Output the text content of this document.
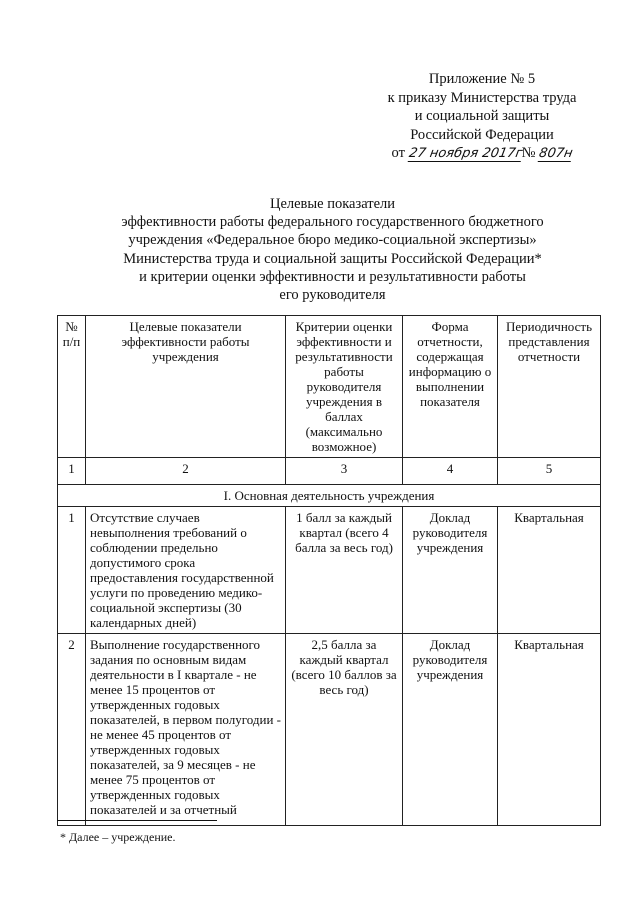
Приложение № 5
к приказу Министерства труда
и социальной защиты
Российской Федерации
от 27 ноября 2017г№ 807н
Целевые показатели
эффективности работы федерального государственного бюджетного
учреждения «Федеральное бюро медико-социальной экспертизы»
Министерства труда и социальной защиты Российской Федерации*
и критерии оценки эффективности и результативности работы
его руководителя
№ п/п	Целевые показатели эффективности работы учреждения	Критерии оценки эффективности и результативности работы руководителя учреждения в баллах (максимально возможное)	Форма отчетности, содержащая информацию о выполнении показателя	Периодичность представления отчетности
1	2	3	4	5
I. Основная деятельность учреждения				
1	Отсутствие случаев невыполнения требований о соблюдении предельно допустимого срока предоставления государственной услуги по проведению медико-социальной экспертизы (30 календарных дней)	1 балл за каждый квартал (всего 4 балла за весь год)	Доклад руководителя учреждения	Квартальная
2	Выполнение государственного задания по основным видам деятельности в I квартале - не менее 15 процентов от утвержденных годовых показателей, в первом полугодии - не менее 45 процентов от утвержденных годовых показателей, за 9 месяцев - не менее 75 процентов от утвержденных годовых показателей и за отчетный	2,5 балла за каждый квартал (всего 10 баллов за весь год)	Доклад руководителя учреждения	Квартальная
* Далее – учреждение.
